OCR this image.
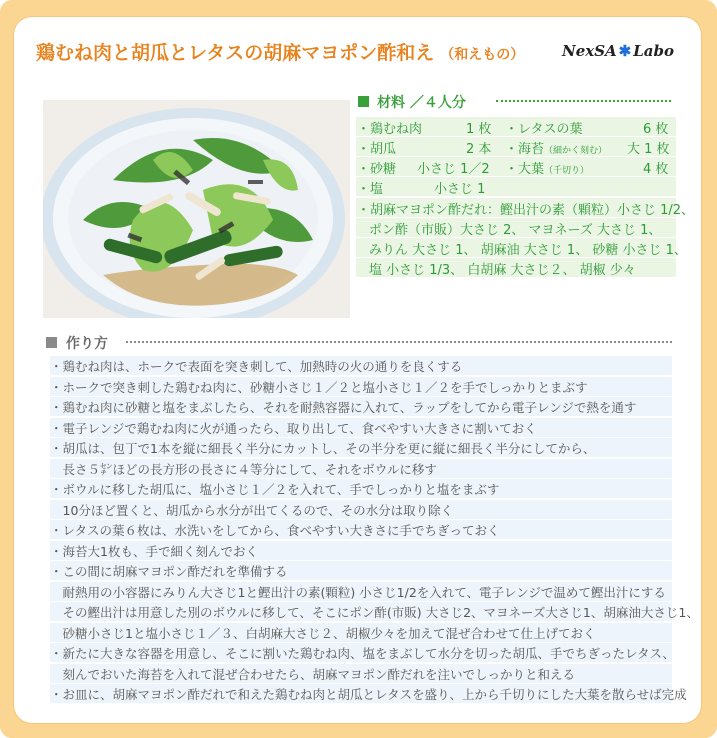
鶏むね肉と胡瓜とレタスの胡麻マヨポン酢和え （和えもの）	NexSA ✱ Labo
材料 ／４人分
・鶏むね肉	1 枚 ・レタスの葉	6 枚
・胡瓜	2 本 ・海苔（細かく刻む） 大 1 枚
・砂糖 小さじ 1／2 ・大葉（千切り）	4 枚
・塩	小さじ 1
・胡麻マヨポン酢だれ：鰹出汁の素（顆粒）小さじ 1/2、
ポン酢（市販）大さじ 2、 マヨネーズ 大さじ 1、
みりん 大さじ 1、 胡麻油 大さじ 1、 砂糖 小さじ 1、
塩 小さじ 1/3、 白胡麻 大さじ２、 胡椒 少々
作り方
・鶏むね肉は、ホークで表面を突き刺して、加熱時の火の通りを良くする
・ホークで突き刺した鶏むね肉に、砂糖小さじ１／２と塩小さじ１／２を手でしっかりとまぶす
・鶏むね肉に砂糖と塩をまぶしたら、それを耐熱容器に入れて、ラップをしてから電子レンジで熱を通す
・電子レンジで鶏むね肉に火が通ったら、取り出して、食べやすい大きさに割いておく
・胡瓜は、包丁で1本を縦に細長く半分にカットし、その半分を更に縦に細長く半分にしてから、
　長さ５㌢ほどの長方形の長さに４等分にして、それをボウルに移す
・ボウルに移した胡瓜に、塩小さじ１／２を入れて、手でしっかりと塩をまぶす
　10分ほど置くと、胡瓜から水分が出てくるので、その水分は取り除く
・レタスの葉６枚は、水洗いをしてから、食べやすい大きさに手でちぎっておく
・海苔大1枚も、手で細く刻んでおく
・この間に胡麻マヨポン酢だれを準備する
　耐熱用の小容器にみりん大さじ1と鰹出汁の素(顆粒) 小さじ1/2を入れて、電子レンジで温めて鰹出汁にする
　その鰹出汁は用意した別のボウルに移して、そこにポン酢(市販) 大さじ2、マヨネーズ大さじ1、胡麻油大さじ1、
　砂糖小さじ1と塩小さじ１／３、白胡麻大さじ２、胡椒少々を加えて混ぜ合わせて仕上げておく
・新たに大きな容器を用意し、そこに割いた鶏むね肉、塩をまぶして水分を切った胡瓜、手でちぎったレタス、
　刻んでおいた海苔を入れて混ぜ合わせたら、胡麻マヨポン酢だれを注いでしっかりと和える
・お皿に、胡麻マヨポン酢だれで和えた鶏むね肉と胡瓜とレタスを盛り、上から千切りにした大葉を散らせば完成
